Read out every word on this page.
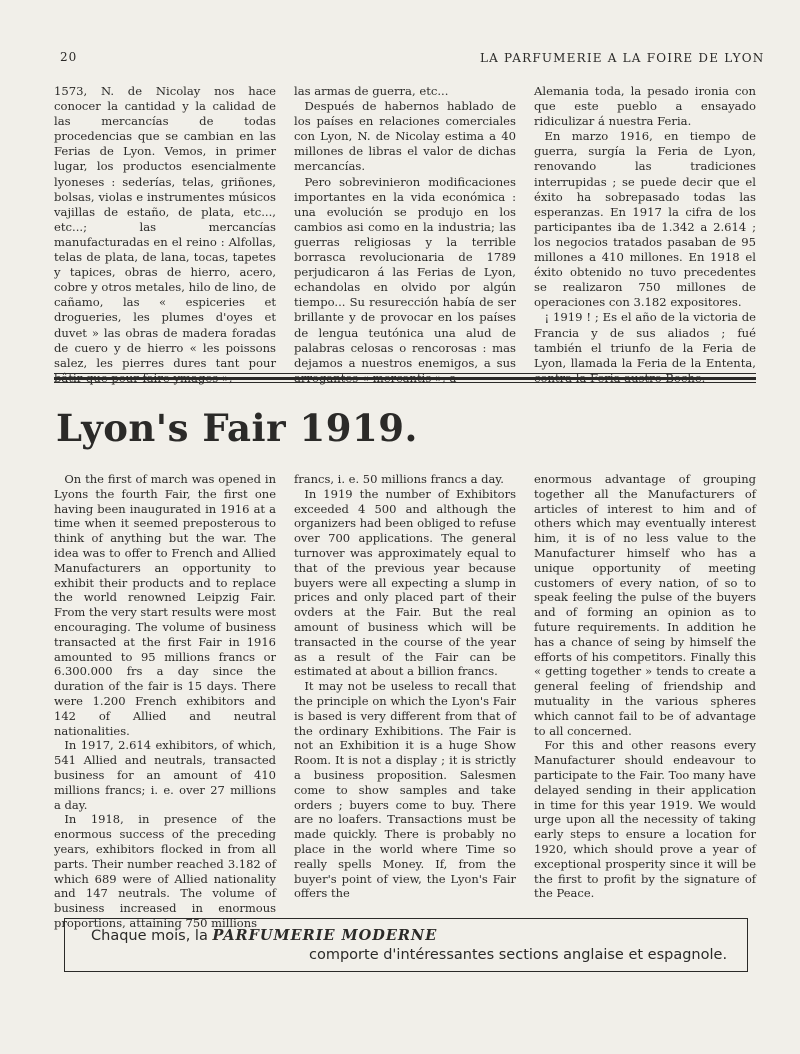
20	LA PARFUMERIE A LA FOIRE DE LYON

1573, N. de Nicolay nos hace conocer la cantidad y la calidad de las mercancías de todas procedencias que se cambian en las Ferias de Lyon. Vemos, in primer lugar, los productos esencialmente lyoneses : sederías, telas, griñones, bolsas, violas e instrumentes músicos vajillas de estaño, de plata, etc..., etc...; las mercancías manufacturadas en el reino : Alfollas, telas de plata, de lana, tocas, tapetes y tapices, obras de hierro, acero, cobre y otros metales, hilo de lino, de cañamo, las « espiceries et drogueries, les plumes d'oyes et duvet » las obras de madera foradas de cuero y de hierro « les poissons salez, les pierres dures tant pour bâtir que pour faire ymages »,

las armas de guerra, etc...

Después de habernos hablado de los países en relaciones comerciales con Lyon, N. de Nicolay estima a 40 millones de libras el valor de dichas mercancías.

Pero sobrevinieron modificaciones importantes en la vida económica : una evolución se produjo en los cambios asi como en la industria; las guerras religiosas y la terrible borrasca revolucionaria de 1789 perjudicaron á las Ferias de Lyon, echandolas en olvido por algún tiempo... Su resurección había de ser brillante y de provocar en los países de lengua teutónica una alud de palabras celosas o rencorosas : mas dejamos a nuestros enemigos, a sus arrogantes « mercantis », a

Alemania toda, la pesado ironia con que este pueblo a ensayado ridiculizar á nuestra Feria.

En marzo 1916, en tiempo de guerra, surgía la Feria de Lyon, renovando las tradiciones interrupidas ; se puede decir que el éxito ha sobrepasado todas las esperanzas. En 1917 la cifra de los participantes iba de 1.342 a 2.614 ; los negocios tratados pasaban de 95 millones a 410 millones. En 1918 el éxito obtenido no tuvo precedentes se realizaron 750 millones de operaciones con 3.182 expositores.

¡ 1919 ! ; Es el año de la victoria de Francia y de sus aliados ; fué también el triunfo de la Feria de Lyon, llamada la Feria de la Ententa, contra la Feria austro Boche.

Lyon's Fair 1919.

On the first of march was opened in Lyons the fourth Fair, the first one having been inaugurated in 1916 at a time when it seemed preposterous to think of anything but the war. The idea was to offer to French and Allied Manufacturers an opportunity to exhibit their products and to replace the world renowned Leipzig Fair. From the very start results were most encouraging. The volume of business transacted at the first Fair in 1916 amounted to 95 millions francs or 6.300.000 frs a day since the duration of the fair is 15 days. There were 1.200 French exhibitors and 142 of Allied and neutral nationalities.

In 1917, 2.614 exhibitors, of which, 541 Allied and neutrals, transacted business for an amount of 410 millions francs; i. e. over 27 millions a day.

In 1918, in presence of the enormous success of the preceding years, exhibitors flocked in from all parts. Their number reached 3.182 of which 689 were of Allied nationality and 147 neutrals. The volume of business increased in enormous proportions, attaining 750 millions

francs, i. e. 50 millions francs a day.

In 1919 the number of Exhibitors exceeded 4 500 and although the organizers had been obliged to refuse over 700 applications. The general turnover was approximately equal to that of the previous year because buyers were all expecting a slump in prices and only placed part of their ovders at the Fair. But the real amount of business which will be transacted in the course of the year as a result of the Fair can be estimated at about a billion francs.

It may not be useless to recall that the principle on which the Lyon's Fair is based is very different from that of the ordinary Exhibitions. The Fair is not an Exhibition it is a huge Show Room. It is not a display ; it is strictly a business proposition. Salesmen come to show samples and take orders ; buyers come to buy. There are no loafers. Transactions must be made quickly. There is probably no place in the world where Time so really spells Money. If, from the buyer's point of view, the Lyon's Fair offers the

enormous advantage of grouping together all the Manufacturers of articles of interest to him and of others which may eventually interest him, it is of no less value to the Manufacturer himself who has a unique opportunity of meeting customers of every nation, of so to speak feeling the pulse of the buyers and of forming an opinion as to future requirements. In addition he has a chance of seing by himself the efforts of his competitors. Finally this « getting together » tends to create a general feeling of friendship and mutuality in the various spheres which cannot fail to be of advantage to all concerned.

For this and other reasons every Manufacturer should endeavour to participate to the Fair. Too many have delayed sending in their application in time for this year 1919. We would urge upon all the necessity of taking early steps to ensure a location for 1920, which should prove a year of exceptional prosperity since it will be the first to profit by the signature of the Peace.

Chaque mois, la PARFUMERIE MODERNE
comporte d'intéressantes sections anglaise et espagnole.
